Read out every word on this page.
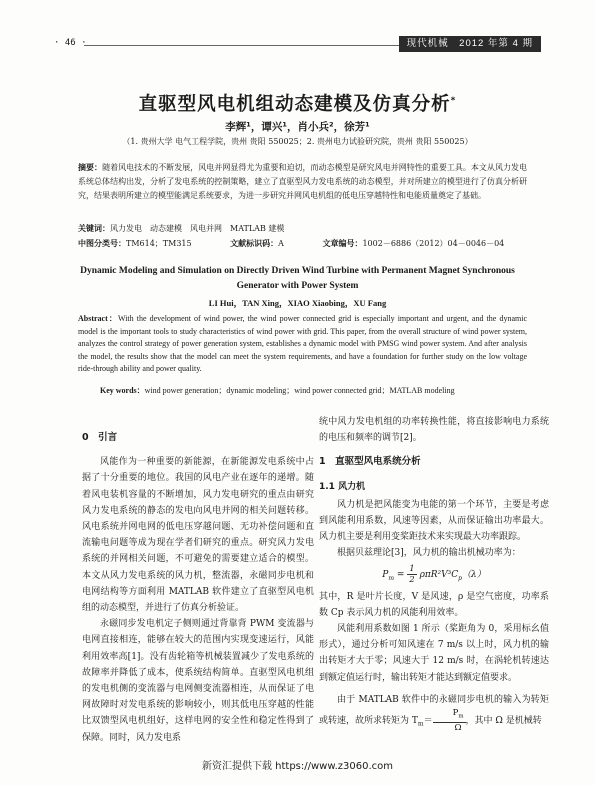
· 46 ·	现代机械　2012 年第 4 期
直驱型风电机组动态建模及仿真分析*
李辉¹，谭兴¹，肖小兵²，徐芳¹
（1. 贵州大学 电气工程学院，贵州 贵阳 550025；2. 贵州电力试验研究院，贵州 贵阳 550025）
摘要：随着风电技术的不断发展，风电并网显得尤为重要和迫切，而动态模型是研究风电并网特性的重要工具。本文从风力发电系统总体结构出发，分析了发电系统的控制策略，建立了直驱型风力发电系统的动态模型，并对所建立的模型进行了仿真分析研究，结果表明所建立的模型能满足系统要求，为进一步研究并网风电机组的低电压穿越特性和电能质量奠定了基础。
关键词：风力发电　动态建模　风电并网　MATLAB 建模
中图分类号：TM614；TM315	文献标识码：A	文章编号：1002－6886（2012）04－0046－04
Dynamic Modeling and Simulation on Directly Driven Wind Turbine with Permanent Magnet Synchronous Generator with Power System
LI Hui，TAN Xing，XIAO Xiaobing，XU Fang
Abstract：With the development of wind power, the wind power connected grid is especially important and urgent, and the dynamic model is the important tools to study characteristics of wind power with grid. This paper, from the overall structure of wind power system, analyzes the control strategy of power generation system, establishes a dynamic model with PMSG wind power system. And after analysis the model, the results show that the model can meet the system requirements, and have a foundation for further study on the low voltage ride-through ability and power quality.
Key words：wind power generation；dynamic modeling；wind power connected grid；MATLAB modeling
0　引言

风能作为一种重要的新能源，在新能源发电系统中占据了十分重要的地位。我国的风电产业在逐年的递增。随着风电装机容量的不断增加，风力发电研究的重点由研究风力发电系统的静态的发电向风电并网的相关问题转移。风电系统并网电网的低电压穿越问题、无功补偿问题和直流输电问题等成为现在学者们研究的重点。研究风力发电系统的并网相关问题，不可避免的需要建立适合的模型。本文从风力发电系统的风力机，整流器，永磁同步电机和电网结构等方面利用 MATLAB 软件建立了直驱型风电机组的动态模型，并进行了仿真分析验证。

永磁同步发电机定子侧则通过背靠背 PWM 变流器与电网直接相连，能够在较大的范围内实现变速运行，风能利用效率高[1]。没有齿轮箱等机械装置减少了发电系统的故障率并降低了成本，使系统结构简单。直驱型风电机组的发电机侧的变流器与电网侧变流器相连，从而保证了电网故障时对发电系统的影响较小，则其低电压穿越的性能比双馈型风电机组好，这样电网的安全性和稳定性得到了保障。同时，风力发电系

统中风力发电机组的功率转换性能，将直接影响电力系统的电压和频率的调节[2]。

1　直驱型风电系统分析
1.1 风力机

风力机是把风能变为电能的第一个环节，主要是考虑到风能利用系数，风速等因素，从而保证输出功率最大。风力机主要是利用变桨距技术来实现最大功率跟踪。

根据贝兹理论[3]，风力机的输出机械功率为：

$P_m = \frac{1}{2} \rho\pi R^2V^3C_p(\lambda)$

其中，R 是叶片长度，V 是风速，ρ 是空气密度，功率系数 Cp 表示风力机的风能利用效率。

风能利用系数如图 1 所示（桨距角为 0，采用标幺值形式），通过分析可知风速在 7 m/s 以上时，风力机的输出转矩才大于零；风速大于 12 m/s 时，在涡轮机转速达到额定值运行时，输出转矩才能达到额定值要求。

由于 MATLAB 软件中的永磁同步电机的输入为转矩或转速，故所求转矩为 $T_m= \frac{P_m}{\Omega}$ ，其中 Ω 是机械转

新资汇提供下载 https://www.z3060.com
